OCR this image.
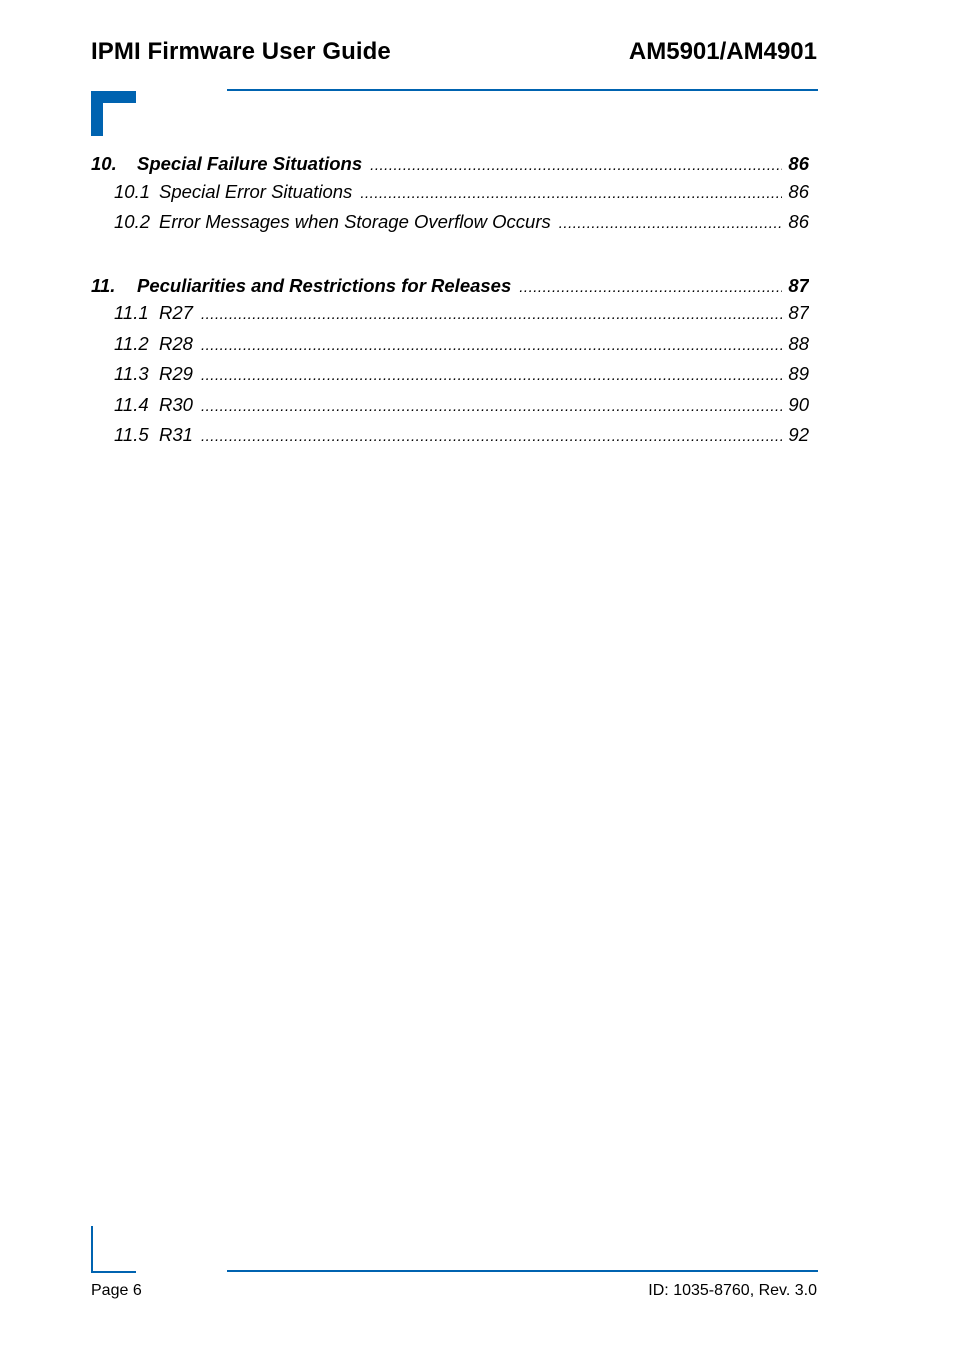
IPMI Firmware User Guide	AM5901/AM4901
10.	Special Failure Situations .....	86
10.1 Special Error Situations .....	86
10.2 Error Messages when Storage Overflow Occurs .....	86
11.	Peculiarities and Restrictions for Releases .....	87
11.1 R27 .....	87
11.2 R28 .....	88
11.3 R29 .....	89
11.4 R30 .....	90
11.5 R31 .....	92
Page 6	ID: 1035-8760, Rev. 3.0
